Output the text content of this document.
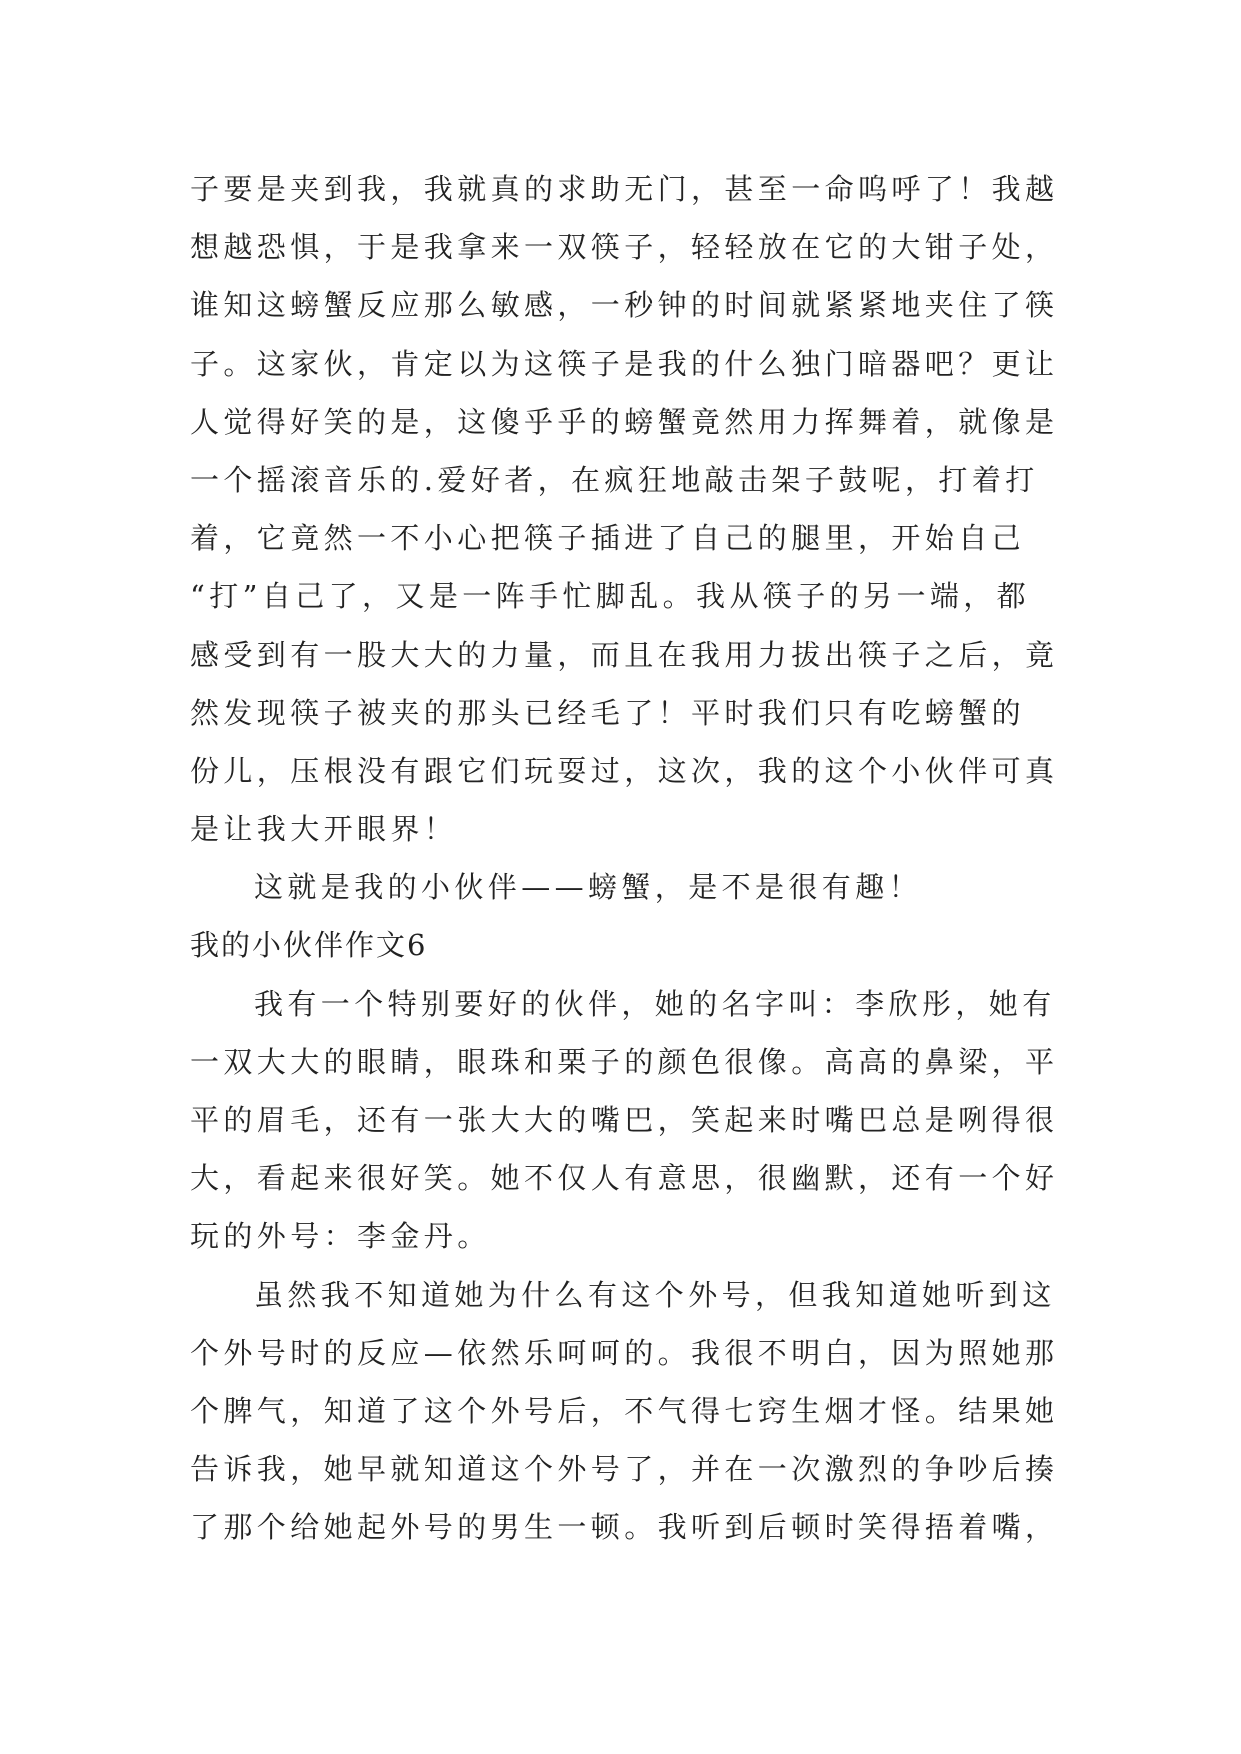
子要是夹到我，我就真的求助无门，甚至一命呜呼了！我越
想越恐惧，于是我拿来一双筷子，轻轻放在它的大钳子处，
谁知这螃蟹反应那么敏感，一秒钟的时间就紧紧地夹住了筷
子。这家伙，肯定以为这筷子是我的什么独门暗器吧？更让
人觉得好笑的是，这傻乎乎的螃蟹竟然用力挥舞着，就像是
一个摇滚音乐的.爱好者，在疯狂地敲击架子鼓呢，打着打
着，它竟然一不小心把筷子插进了自己的腿里，开始自己
“打”自己了，又是一阵手忙脚乱。我从筷子的另一端，都
感受到有一股大大的力量，而且在我用力拔出筷子之后，竟
然发现筷子被夹的那头已经毛了！平时我们只有吃螃蟹的
份儿，压根没有跟它们玩耍过，这次，我的这个小伙伴可真
是让我大开眼界！
这就是我的小伙伴——螃蟹，是不是很有趣！
我的小伙伴作文6
我有一个特别要好的伙伴，她的名字叫：李欣彤，她有
一双大大的眼睛，眼珠和栗子的颜色很像。高高的鼻梁，平
平的眉毛，还有一张大大的嘴巴，笑起来时嘴巴总是咧得很
大，看起来很好笑。她不仅人有意思，很幽默，还有一个好
玩的外号：李金丹。
虽然我不知道她为什么有这个外号，但我知道她听到这
个外号时的反应—依然乐呵呵的。我很不明白，因为照她那
个脾气，知道了这个外号后，不气得七窍生烟才怪。结果她
告诉我，她早就知道这个外号了，并在一次激烈的争吵后揍
了那个给她起外号的男生一顿。我听到后顿时笑得捂着嘴，
